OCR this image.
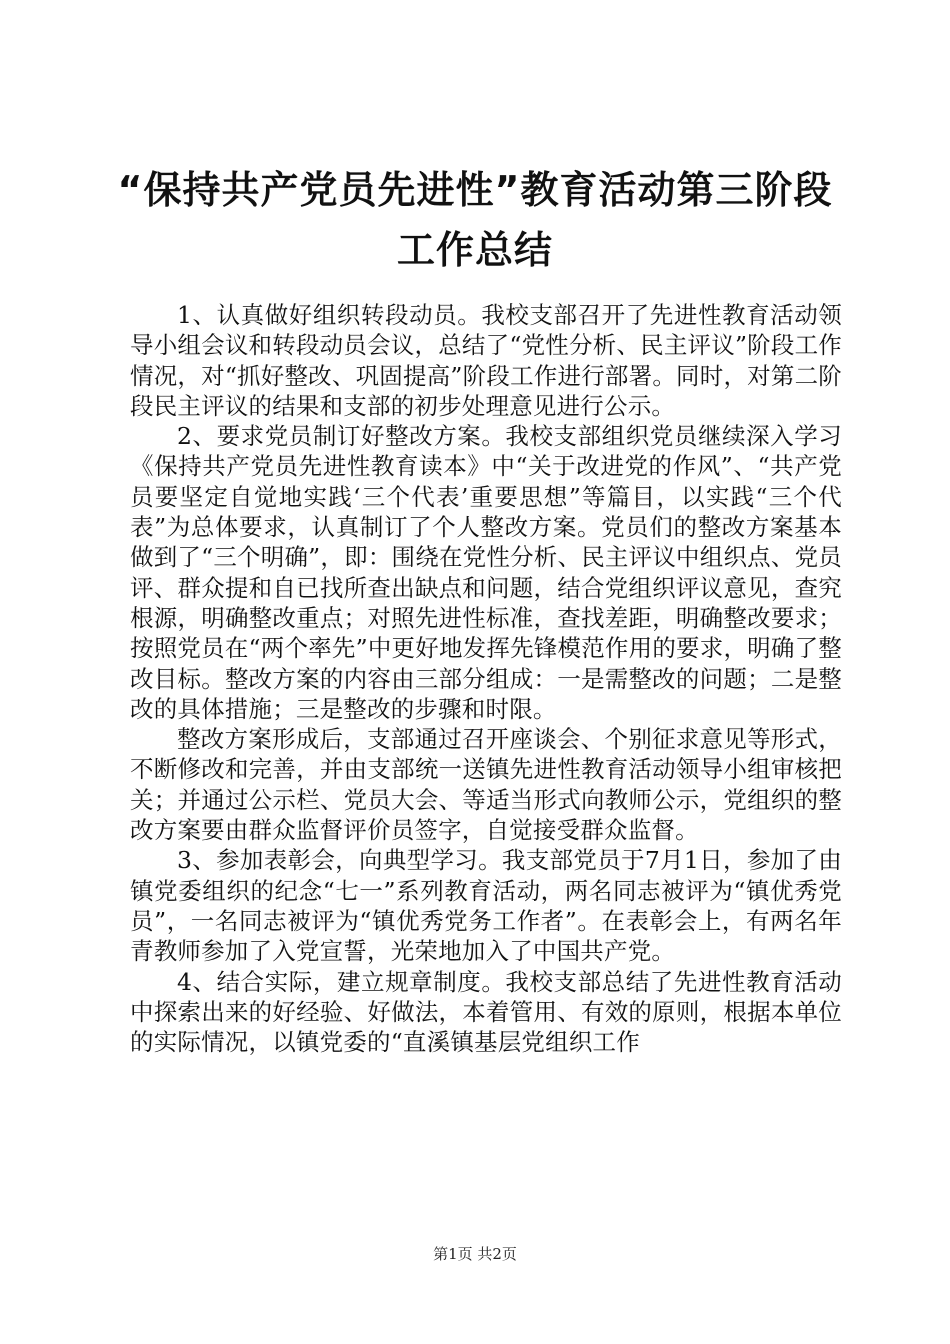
“保持共产党员先进性”教育活动第三阶段工作总结

1、认真做好组织转段动员。我校支部召开了先进性教育活动领导小组会议和转段动员会议，总结了“党性分析、民主评议”阶段工作情况，对“抓好整改、巩固提高”阶段工作进行部署。同时，对第二阶段民主评议的结果和支部的初步处理意见进行公示。

2、要求党员制订好整改方案。我校支部组织党员继续深入学习《保持共产党员先进性教育读本》中“关于改进党的作风”、“共产党员要坚定自觉地实践‘三个代表’重要思想”等篇目，以实践“三个代表”为总体要求，认真制订了个人整改方案。党员们的整改方案基本做到了“三个明确”，即：围绕在党性分析、民主评议中组织点、党员评、群众提和自已找所查出缺点和问题，结合党组织评议意见，查究根源，明确整改重点；对照先进性标准，查找差距，明确整改要求；按照党员在“两个率先”中更好地发挥先锋模范作用的要求，明确了整改目标。整改方案的内容由三部分组成：一是需整改的问题；二是整改的具体措施；三是整改的步骤和时限。

整改方案形成后，支部通过召开座谈会、个别征求意见等形式，不断修改和完善，并由支部统一送镇先进性教育活动领导小组审核把关；并通过公示栏、党员大会、等适当形式向教师公示，党组织的整改方案要由群众监督评价员签字，自觉接受群众监督。

3、参加表彰会，向典型学习。我支部党员于7月1日，参加了由镇党委组织的纪念“七一”系列教育活动，两名同志被评为“镇优秀党员”，一名同志被评为“镇优秀党务工作者”。在表彰会上，有两名年青教师参加了入党宣誓，光荣地加入了中国共产党。

4、结合实际，建立规章制度。我校支部总结了先进性教育活动中探索出来的好经验、好做法，本着管用、有效的原则，根据本单位的实际情况，以镇党委的“直溪镇基层党组织工作

第1页 共2页
